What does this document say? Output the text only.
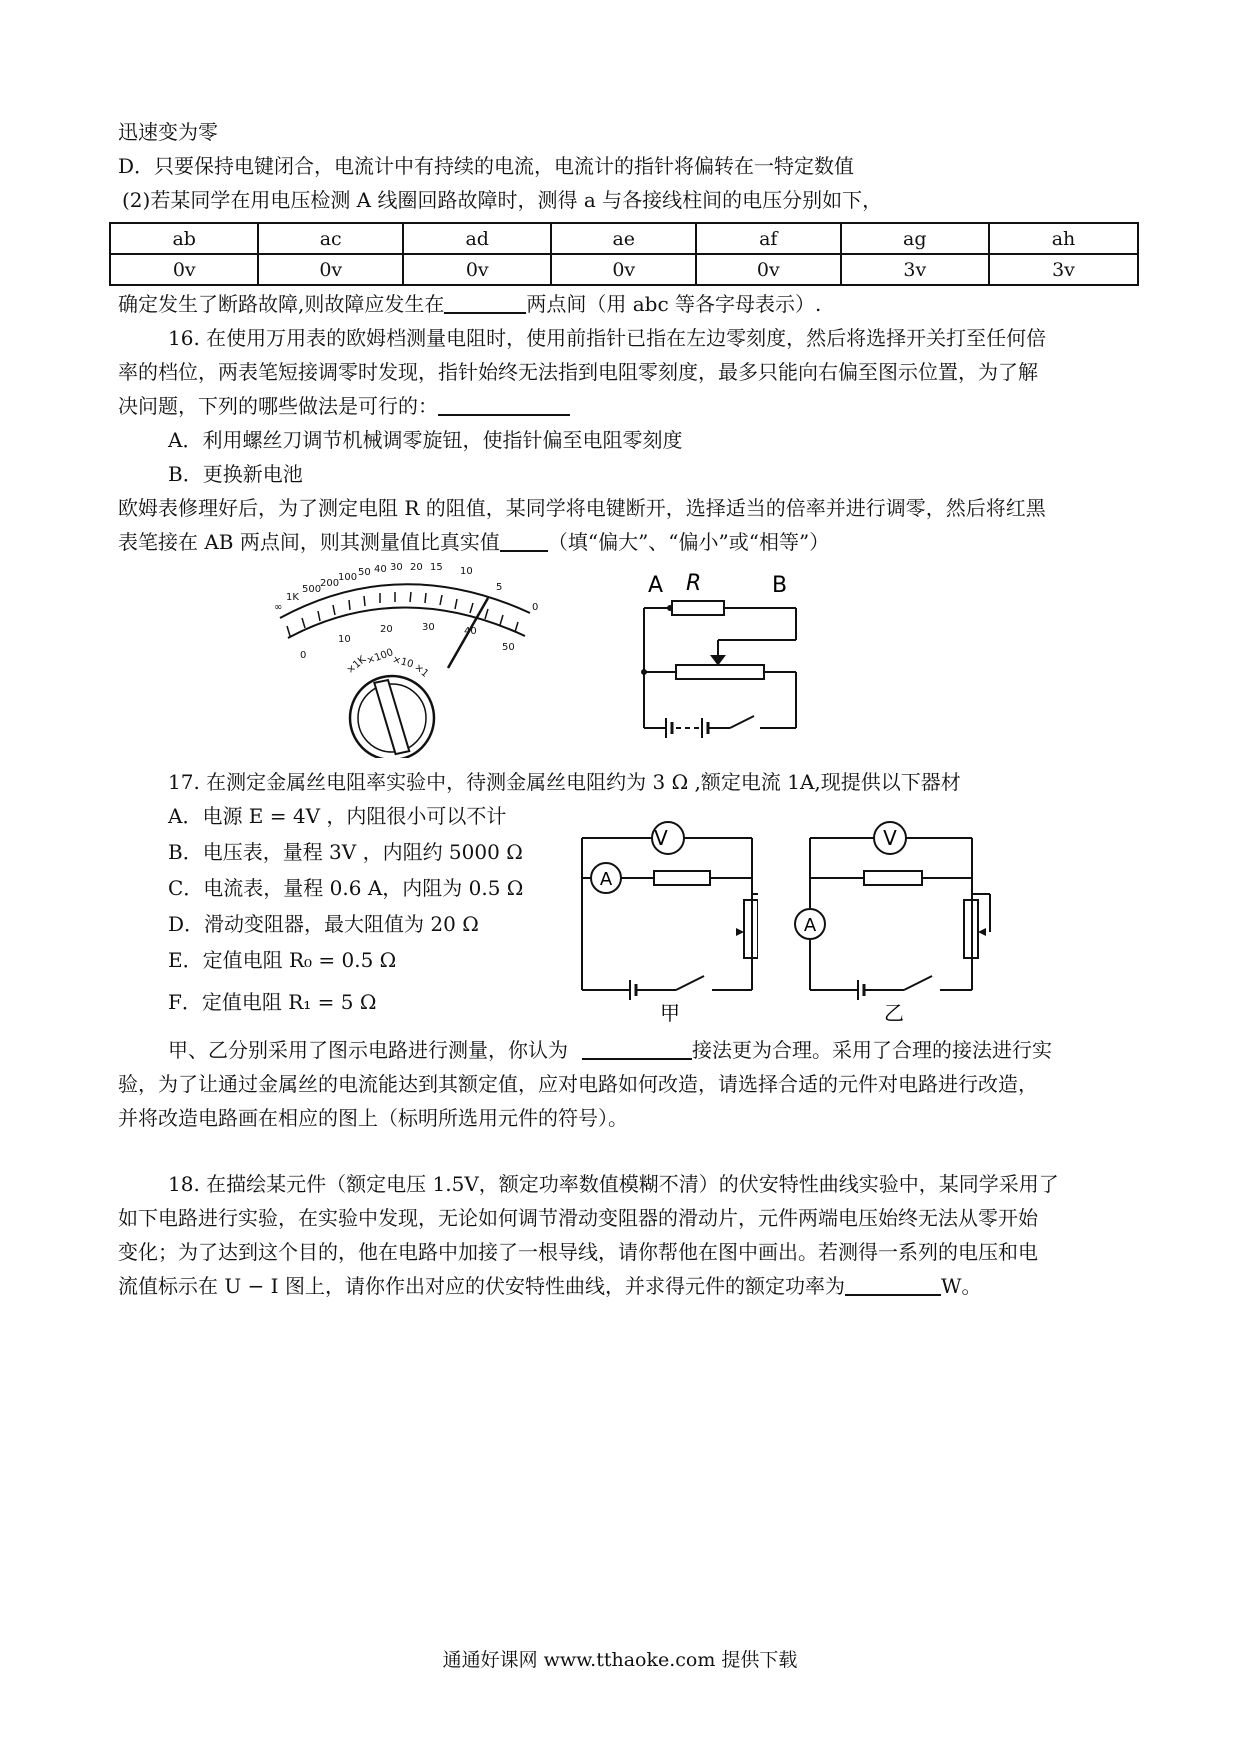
迅速变为零
D．只要保持电键闭合，电流计中有持续的电流，电流计的指针将偏转在一特定数值
(2)若某同学在用电压检测 A 线圈回路故障时，测得 a 与各接线柱间的电压分别如下，
ab	ac	ad	ae	af	ag	ah
0v	0v	0v	0v	0v	3v	3v
确定发生了断路故障,则故障应发生在	两点间（用 abc 等各字母表示）.
16. 在使用万用表的欧姆档测量电阻时，使用前指针已指在左边零刻度，然后将选择开关打至任何倍
率的档位，两表笔短接调零时发现，指针始终无法指到电阻零刻度，最多只能向右偏至图示位置，为了解
决问题，下列的哪些做法是可行的：
A．利用螺丝刀调节机械调零旋钮，使指针偏至电阻零刻度
B．更换新电池
欧姆表修理好后，为了测定电阻 R 的阻值，某同学将电键断开，选择适当的倍率并进行调零，然后将红黑
表笔接在 AB 两点间，则其测量值比真实值 （填“偏大”、“偏小”或“相等”）
∞
1K
500
200
100 50 40 30 20 15 10
5
0
0
10
20	30	40
50
×1K
×100
×10
×1
A R	B
17. 在测定金属丝电阻率实验中，待测金属丝电阻约为 3 Ω ,额定电流 1A,现提供以下器材
A．电源 E = 4V ，内阻很小可以不计
B．电压表，量程 3V ，内阻约 5000 Ω
C．电流表，量程 0.6 A，内阻为 0.5 Ω
D．滑动变阻器，最大阻值为 20 Ω
E．定值电阻 R₀ = 0.5 Ω
F．定值电阻 R₁ = 5 Ω
V
A
甲
V
A
乙
甲、乙分别采用了图示电路进行测量，你认为	接法更为合理。采用了合理的接法进行实
验，为了让通过金属丝的电流能达到其额定值，应对电路如何改造，请选择合适的元件对电路进行改造，
并将改造电路画在相应的图上（标明所选用元件的符号）。
18. 在描绘某元件（额定电压 1.5V，额定功率数值模糊不清）的伏安特性曲线实验中，某同学采用了
如下电路进行实验，在实验中发现，无论如何调节滑动变阻器的滑动片，元件两端电压始终无法从零开始
变化；为了达到这个目的，他在电路中加接了一根导线，请你帮他在图中画出。若测得一系列的电压和电
流值标示在 U − I 图上，请你作出对应的伏安特性曲线，并求得元件的额定功率为	W。
通通好课网 www.tthaoke.com 提供下载
